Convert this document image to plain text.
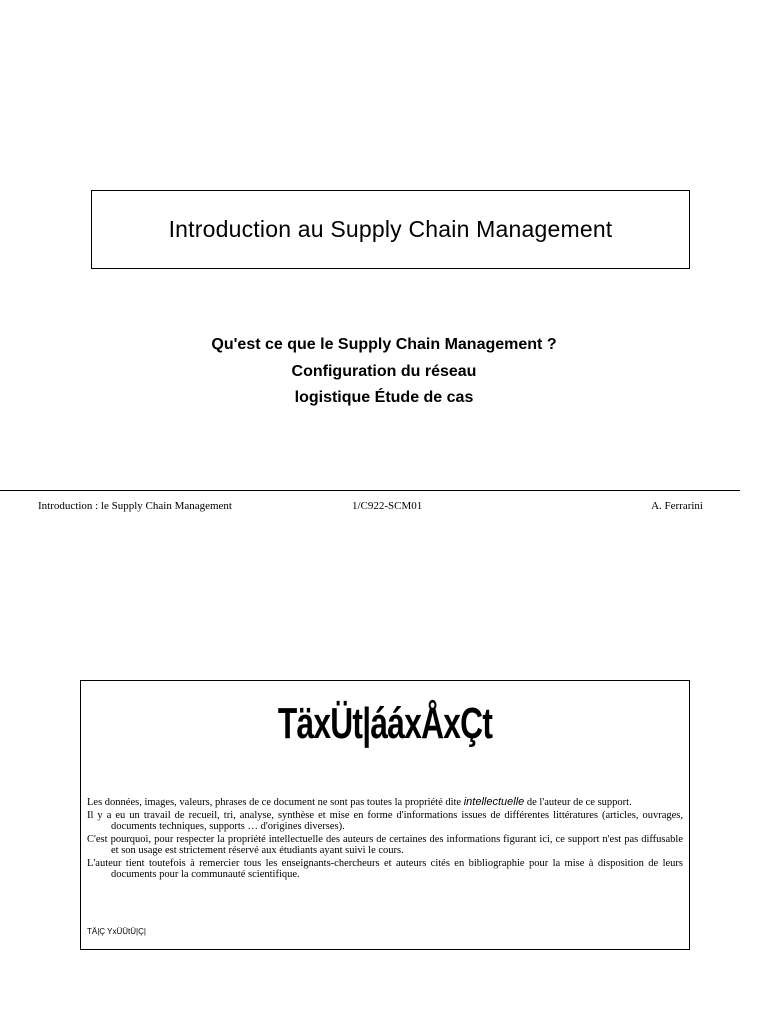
Introduction au Supply Chain Management
Qu'est ce que le Supply Chain Management ?
Configuration du réseau
logistique Étude de cas
Introduction : le Supply Chain Management	1/C922-SCM01	A. Ferrarini
TäxÜt|ááxÅxÇt

Les données, images, valeurs, phrases de ce document ne sont pas toutes la propriété dite intellectuelle de l'auteur de ce support.

Il y a eu un travail de recueil, tri, analyse, synthèse et mise en forme d'informations issues de différentes littératures (articles, ouvrages, documents techniques, supports … d'origines diverses).

C'est pourquoi, pour respecter la propriété intellectuelle des auteurs de certaines des informations figurant ici, ce support n'est pas diffusable et son usage est strictement réservé aux étudiants ayant suivi le cours.

L'auteur tient toutefois à remercier tous les enseignants-chercheurs et auteurs cités en bibliographie pour la mise à disposition de leurs documents pour la communauté scientifique.

TÄ|Ç YxÜÜtÜ|Ç|
